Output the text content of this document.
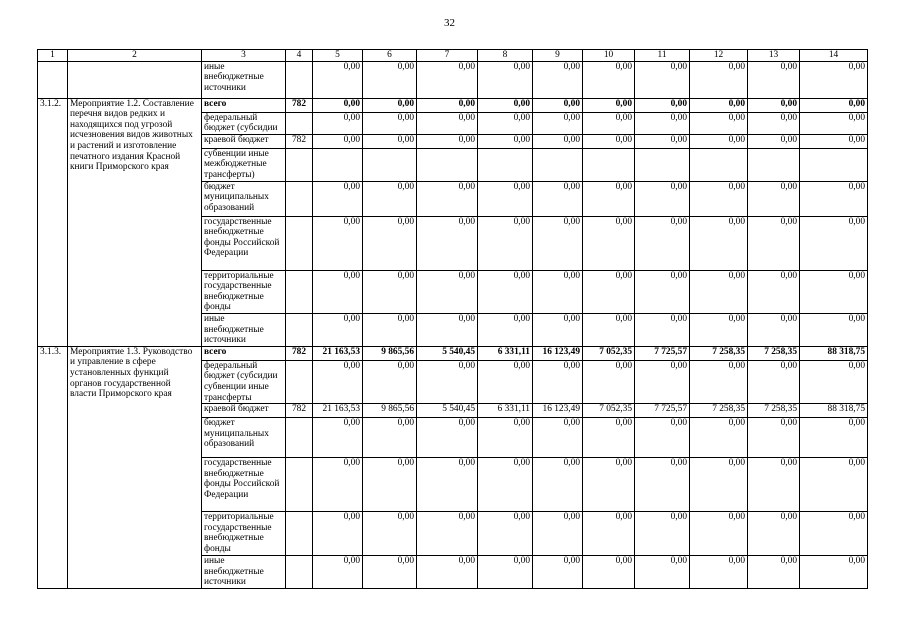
32
1	2	3	4	5	6	7	8	9	10	11	12	13	14
		иные внебюджетные источники		0,00	0,00	0,00	0,00	0,00	0,00	0,00	0,00	0,00	0,00
3.1.2.	Мероприятие 1.2. Составление перечня видов редких и находящихся под угрозой исчезновения видов животных и растений и изготовление печатного издания Красной книги Приморского края	всего	782	0,00	0,00	0,00	0,00	0,00	0,00	0,00	0,00	0,00	0,00
		федеральный бюджет (субсидии		0,00	0,00	0,00	0,00	0,00	0,00	0,00	0,00	0,00	0,00
		краевой бюджет	782	0,00	0,00	0,00	0,00	0,00	0,00	0,00	0,00	0,00	0,00
		субвенции иные межбюджетные трансферты)											
		бюджет муниципальных образований		0,00	0,00	0,00	0,00	0,00	0,00	0,00	0,00	0,00	0,00
		государственные внебюджетные фонды Российской Федерации		0,00	0,00	0,00	0,00	0,00	0,00	0,00	0,00	0,00	0,00
		территориальные государственные внебюджетные фонды		0,00	0,00	0,00	0,00	0,00	0,00	0,00	0,00	0,00	0,00
		иные внебюджетные источники		0,00	0,00	0,00	0,00	0,00	0,00	0,00	0,00	0,00	0,00
3.1.3.	Мероприятие 1.3. Руководство и управление в сфере установленных функций органов государственной власти Приморского края	всего	782	21 163,53	9 865,56	5 540,45	6 331,11	16 123,49	7 052,35	7 725,57	7 258,35	7 258,35	88 318,75
		федеральный бюджет (субсидии субвенции иные трансферты		0,00	0,00	0,00	0,00	0,00	0,00	0,00	0,00	0,00	0,00
		краевой бюджет	782	21 163,53	9 865,56	5 540,45	6 331,11	16 123,49	7 052,35	7 725,57	7 258,35	7 258,35	88 318,75
		бюджет муниципальных образований		0,00	0,00	0,00	0,00	0,00	0,00	0,00	0,00	0,00	0,00
		государственные внебюджетные фонды Российской Федерации		0,00	0,00	0,00	0,00	0,00	0,00	0,00	0,00	0,00	0,00
		территориальные государственные внебюджетные фонды		0,00	0,00	0,00	0,00	0,00	0,00	0,00	0,00	0,00	0,00
		иные внебюджетные источники		0,00	0,00	0,00	0,00	0,00	0,00	0,00	0,00	0,00	0,00
